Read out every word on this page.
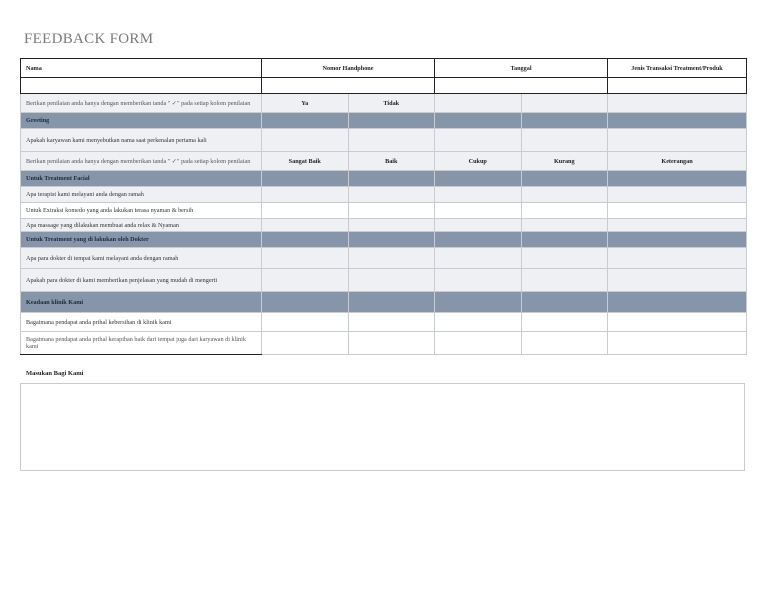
FEEDBACK FORM
Nama	Nomor Handphone		Tanggal		Jenis Transaksi Treatment/Produk

Berikan penilaian anda hanya dengan memberikan tanda " ✓" pada setiap kolom penilaian	Ya	Tidak			
Greeting					
Apakah karyawan kami menyebutkan nama saat perkenalan pertama kali					
Berikan penilaian anda hanya dengan memberikan tanda " ✓" pada setiap kolom penilaian	Sangat Baik	Baik	Cukup	Kurang	Keterangan
Untuk Treatment Facial					
Apa terapist kami melayani anda dengan ramah					
Untuk Extraksi komedo yang anda lakukan terasa nyaman & bersih					
Apa massage yang dilakukan membuat anda relax & Nyaman					
Untuk Treatment yang di lakukan oleh Dokter					
Apa para dokter di tempat kami melayani anda dengan ramah					
Apakah para dokter di kami memberikan penjelasan yang mudah di mengerti					
Keadaan klinik Kami					
Bagaimana pendapat anda prihal kebersihan di klinik kami					
Bagaimana pendapat anda prihal kerapihan baik dari tempat juga dari karyawan di klinik kami					
Masukan Bagi Kami
